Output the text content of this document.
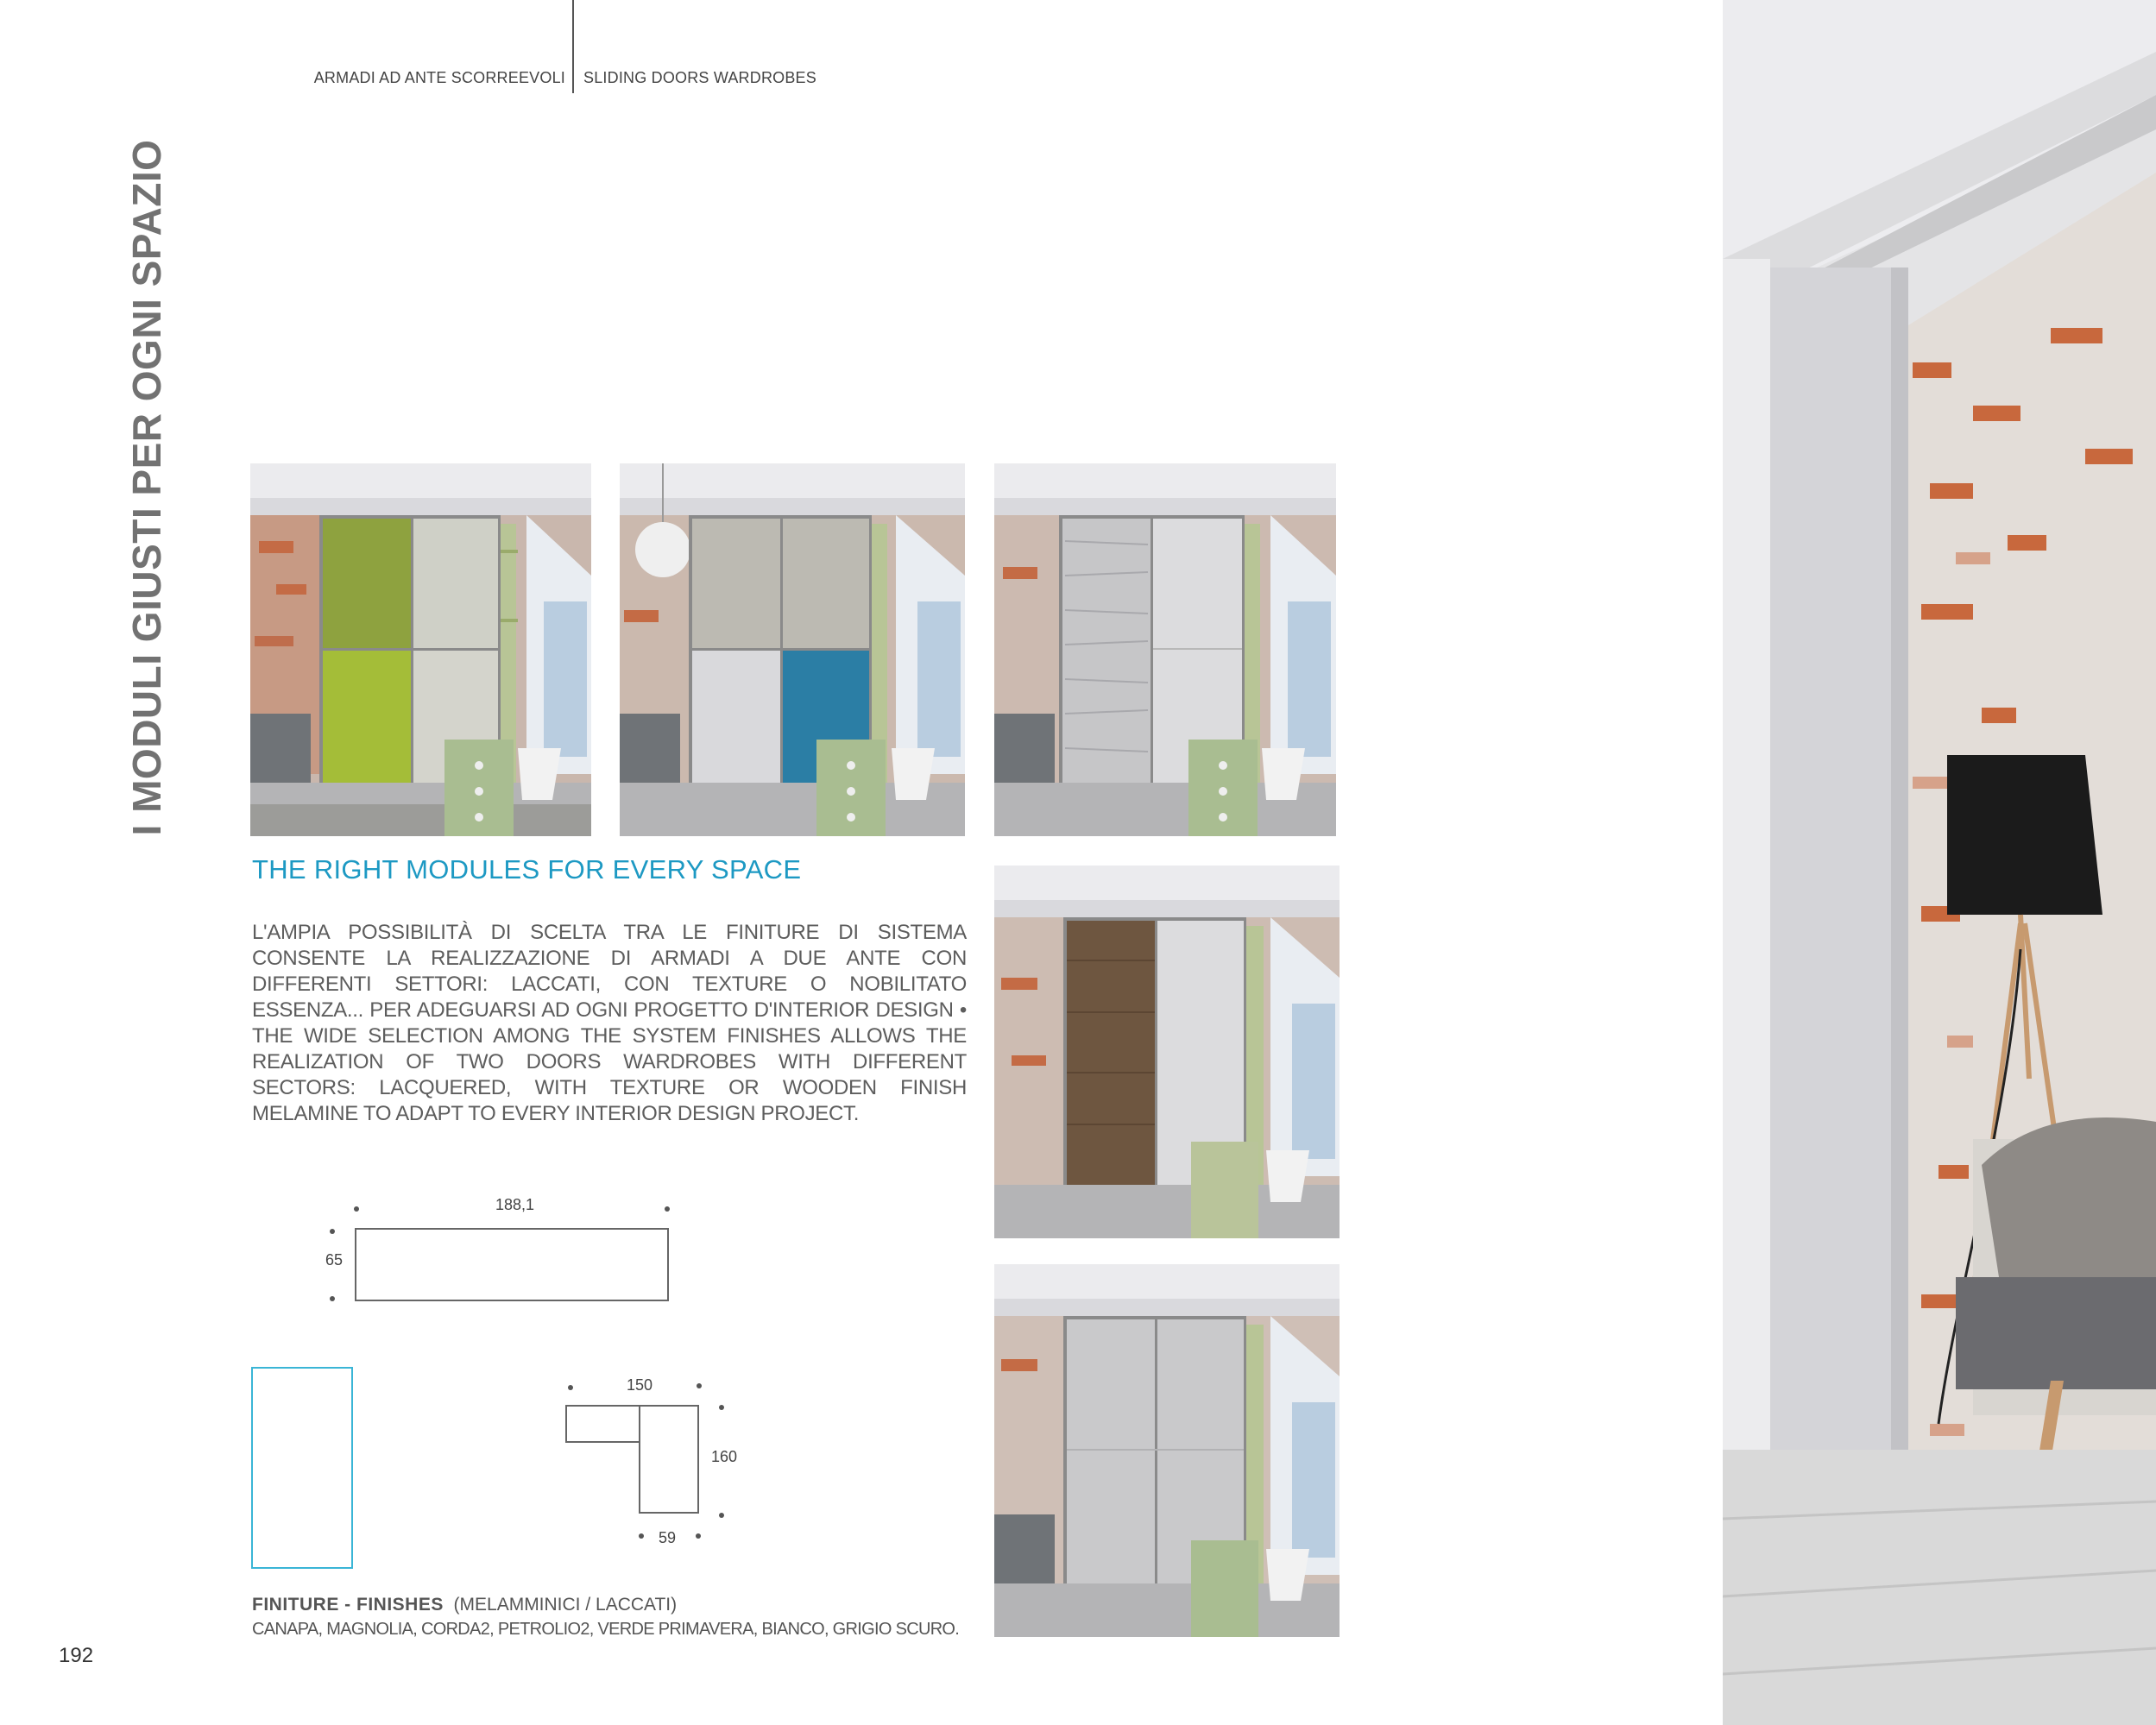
ARMADI AD ANTE SCORREEVOLI SLIDING DOORS WARDROBES
I MODULI GIUSTI PER OGNI SPAZIO
THE RIGHT MODULES FOR EVERY SPACE
L'AMPIA POSSIBILITÀ DI SCELTA TRA LE FINITURE DI SISTEMA CONSENTE LA REALIZZAZIONE DI ARMADI A DUE ANTE CON DIFFERENTI SETTORI: LACCATI, CON TEXTURE O NOBILITATO ESSENZA... PER ADEGUARSI AD OGNI PROGETTO D'INTERIOR DESIGN • THE WIDE SELECTION AMONG THE SYSTEM FINISHES ALLOWS THE REALIZATION OF TWO DOORS WARDROBES WITH DIFFERENT SECTORS: LACQUERED, WITH TEXTURE OR WOODEN FINISH MELAMINE TO ADAPT TO EVERY INTERIOR DESIGN PROJECT.
188,1
65
150
160
59
FINITURE - FINISHES (MELAMMINICI / LACCATI)
CANAPA, MAGNOLIA, CORDA2, PETROLIO2, VERDE PRIMAVERA, BIANCO, GRIGIO SCURO.
192
